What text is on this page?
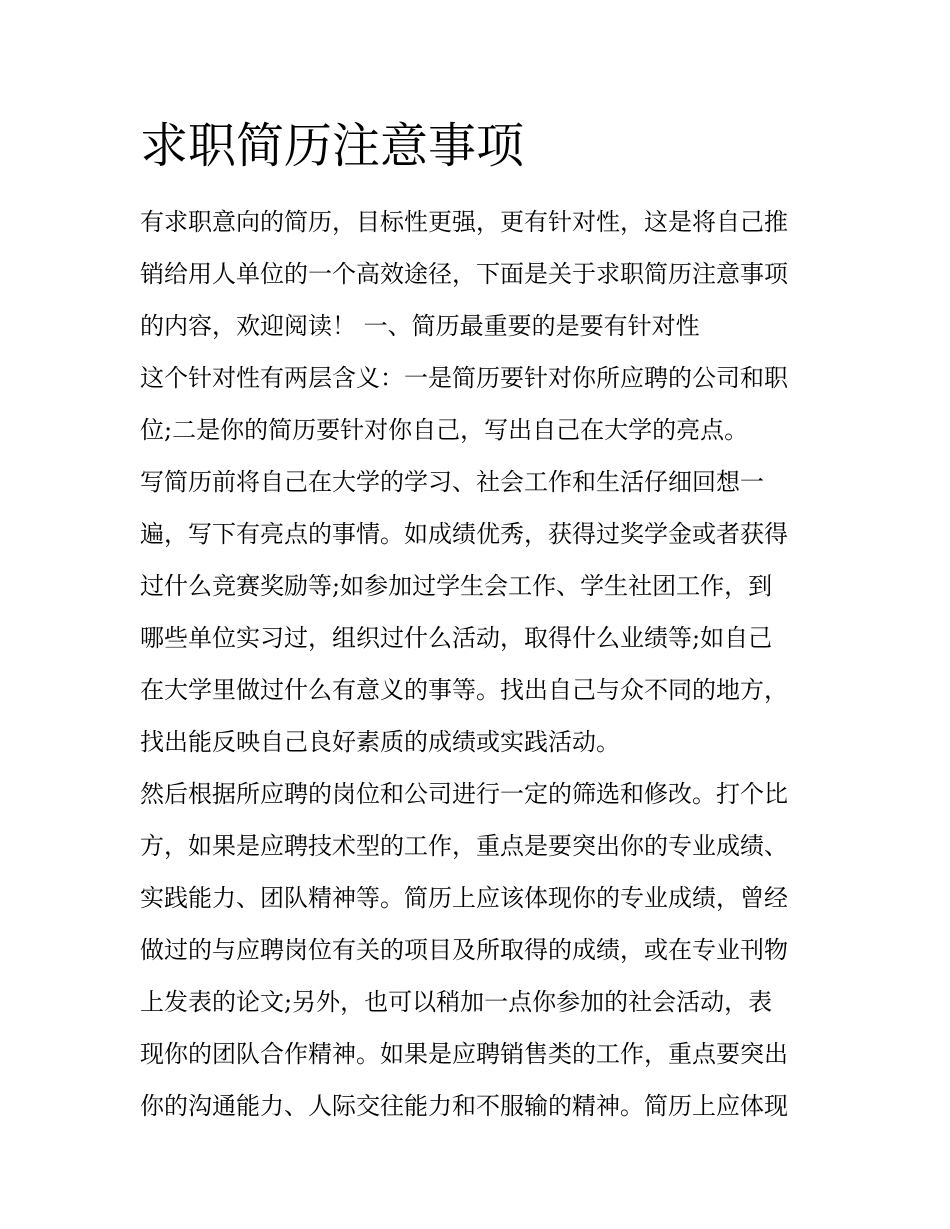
求职简历注意事项
有求职意向的简历，目标性更强，更有针对性，这是将自己推
销给用人单位的一个高效途径，下面是关于求职简历注意事项
的内容，欢迎阅读！ 一、简历最重要的是要有针对性
这个针对性有两层含义：一是简历要针对你所应聘的公司和职
位;二是你的简历要针对你自己，写出自己在大学的亮点。
写简历前将自己在大学的学习、社会工作和生活仔细回想一
遍，写下有亮点的事情。如成绩优秀，获得过奖学金或者获得
过什么竞赛奖励等;如参加过学生会工作、学生社团工作，到
哪些单位实习过，组织过什么活动，取得什么业绩等;如自己
在大学里做过什么有意义的事等。找出自己与众不同的地方，
找出能反映自己良好素质的成绩或实践活动。
然后根据所应聘的岗位和公司进行一定的筛选和修改。打个比
方，如果是应聘技术型的工作，重点是要突出你的专业成绩、
实践能力、团队精神等。简历上应该体现你的专业成绩，曾经
做过的与应聘岗位有关的项目及所取得的成绩，或在专业刊物
上发表的论文;另外，也可以稍加一点你参加的社会活动，表
现你的团队合作精神。如果是应聘销售类的工作，重点要突出
你的沟通能力、人际交往能力和不服输的精神。简历上应体现
